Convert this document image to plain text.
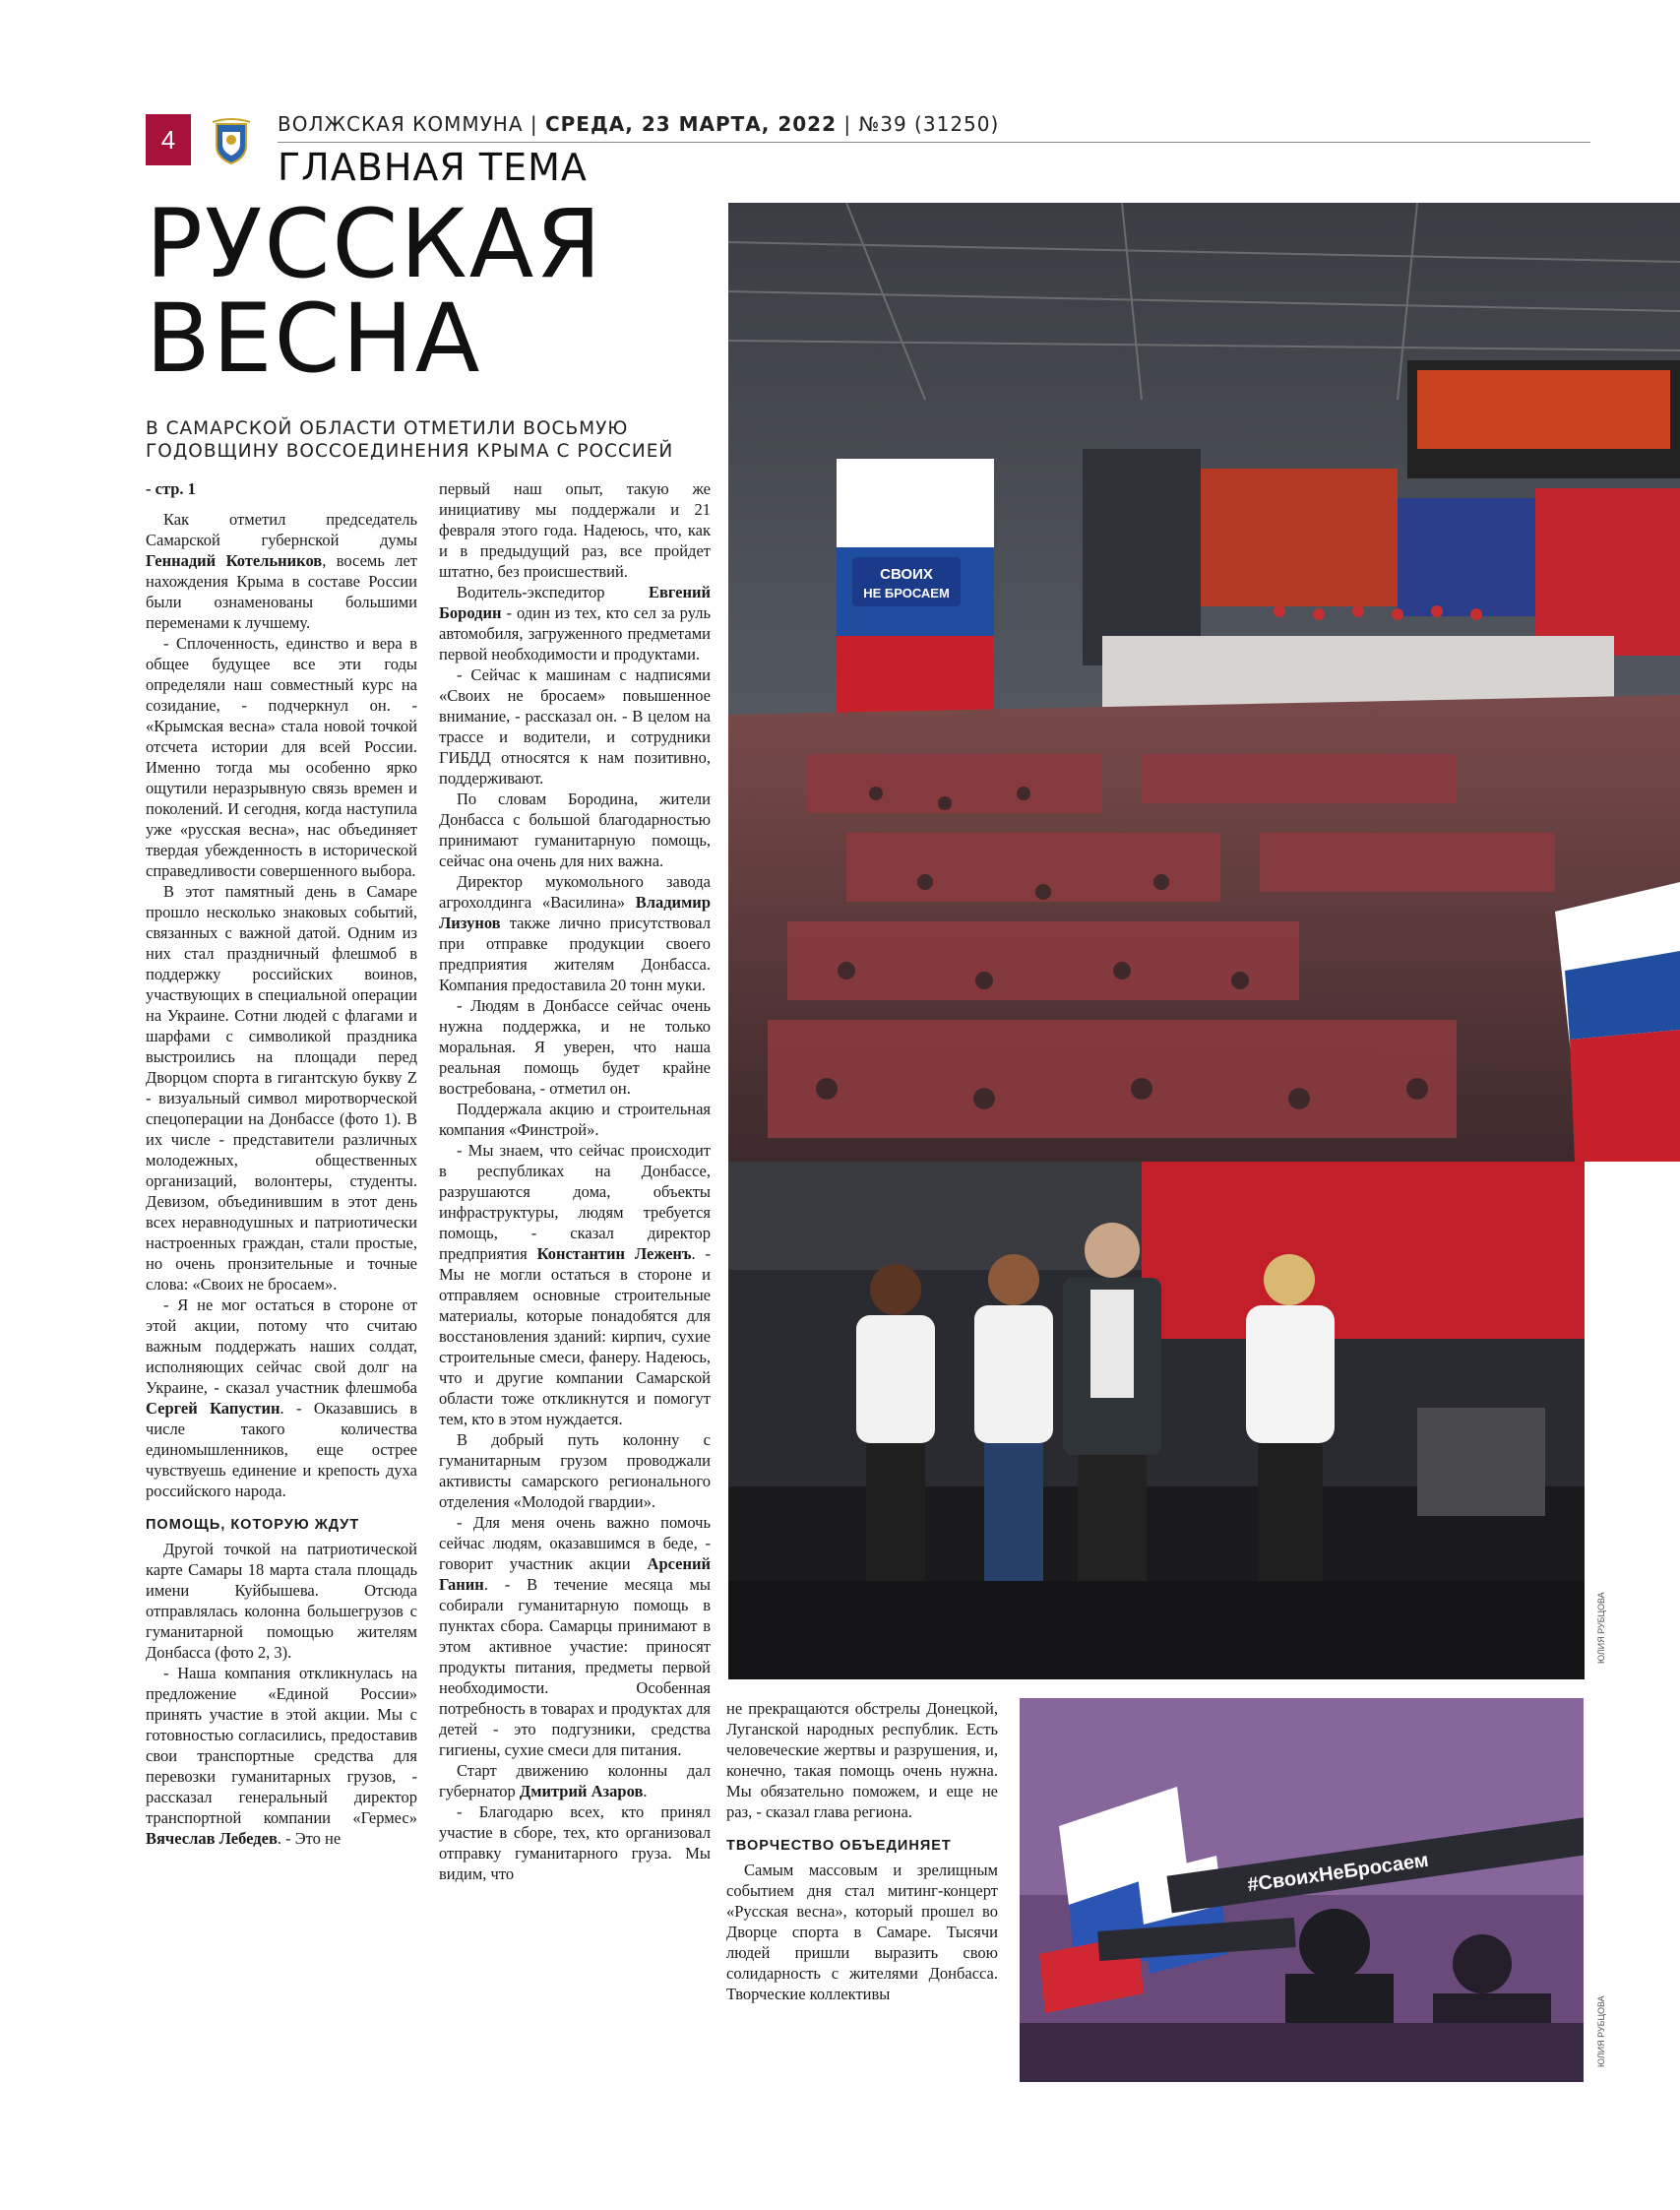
4
ВОЛЖСКАЯ КОММУНА | СРЕДА, 23 МАРТА, 2022 | №39 (31250)
ГЛАВНАЯ ТЕМА
РУССКАЯ
ВЕСНА
В САМАРСКОЙ ОБЛАСТИ ОТМЕТИЛИ ВОСЬМУЮ ГОДОВЩИНУ ВОССОЕДИНЕНИЯ КРЫМА С РОССИЕЙ

- стр. 1

Как отметил председатель Самарской губернской думы Геннадий Котельников, восемь лет нахождения Крыма в составе России были ознаменованы большими переменами к лучшему.

- Сплоченность, единство и вера в общее будущее все эти годы определяли наш совместный курс на созидание, - подчеркнул он. - «Крымская весна» стала новой точкой отсчета истории для всей России. Именно тогда мы особенно ярко ощутили неразрывную связь времен и поколений. И сегодня, когда наступила уже «русская весна», нас объединяет твердая убежденность в исторической справедливости совершенного выбора.

В этот памятный день в Самаре прошло несколько знаковых событий, связанных с важной датой. Одним из них стал праздничный флешмоб в поддержку российских воинов, участвующих в специальной операции на Украине. Сотни людей с флагами и шарфами с символикой праздника выстроились на площади перед Дворцом спорта в гигантскую букву Z - визуальный символ миротворческой спецоперации на Донбассе (фото 1). В их числе - представители различных молодежных, общественных организаций, волонтеры, студенты. Девизом, объединившим в этот день всех неравнодушных и патриотически настроенных граждан, стали простые, но очень пронзительные и точные слова: «Своих не бросаем».

- Я не мог остаться в стороне от этой акции, потому что считаю важным поддержать наших солдат, исполняющих сейчас свой долг на Украине, - сказал участник флешмоба Сергей Капустин. - Оказавшись в числе такого количества единомышленников, еще острее чувствуешь единение и крепость духа российского народа.

ПОМОЩЬ, КОТОРУЮ ЖДУТ

Другой точкой на патриотической карте Самары 18 марта стала площадь имени Куйбышева. Отсюда отправлялась колонна большегрузов с гуманитарной помощью жителям Донбасса (фото 2, 3).

- Наша компания откликнулась на предложение «Единой России» принять участие в этой акции. Мы с готовностью согласились, предоставив свои транспортные средства для перевозки гуманитарных грузов, - рассказал генеральный директор транспортной компании «Гермес» Вячеслав Лебедев. - Это не

первый наш опыт, такую же инициативу мы поддержали и 21 февраля этого года. Надеюсь, что, как и в предыдущий раз, все пройдет штатно, без происшествий.

Водитель-экспедитор Евгений Бородин - один из тех, кто сел за руль автомобиля, загруженного предметами первой необходимости и продуктами.

- Сейчас к машинам с надписями «Своих не бросаем» повышенное внимание, - рассказал он. - В целом на трассе и водители, и сотрудники ГИБДД относятся к нам позитивно, поддерживают.

По словам Бородина, жители Донбасса с большой благодарностью принимают гуманитарную помощь, сейчас она очень для них важна.

Директор мукомольного завода агрохолдинга «Василина» Владимир Лизунов также лично присутствовал при отправке продукции своего предприятия жителям Донбасса. Компания предоставила 20 тонн муки.

- Людям в Донбассе сейчас очень нужна поддержка, и не только моральная. Я уверен, что наша реальная помощь будет крайне востребована, - отметил он.

Поддержала акцию и строительная компания «Финстрой».

- Мы знаем, что сейчас происходит в республиках на Донбассе, разрушаются дома, объекты инфраструктуры, людям требуется помощь, - сказал директор предприятия Константин Леженъ. - Мы не могли остаться в стороне и отправляем основные строительные материалы, которые понадобятся для восстановления зданий: кирпич, сухие строительные смеси, фанеру. Надеюсь, что и другие компании Самарской области тоже откликнутся и помогут тем, кто в этом нуждается.

В добрый путь колонну с гуманитарным грузом проводжали активисты самарского регионального отделения «Молодой гвардии».

- Для меня очень важно помочь сейчас людям, оказавшимся в беде, - говорит участник акции Арсений Ганин. - В течение месяца мы собирали гуманитарную помощь в пунктах сбора. Самарцы принимают в этом активное участие: приносят продукты питания, предметы первой необходимости. Особенная потребность в товарах и продуктах для детей - это подгузники, средства гигиены, сухие смеси для питания.

Старт движению колонны дал губернатор Дмитрий Азаров.

- Благодарю всех, кто принял участие в сборе, тех, кто организовал отправку гуманитарного груза. Мы видим, что

не прекращаются обстрелы Донецкой, Луганской народных республик. Есть человеческие жертвы и разрушения, и, конечно, такая помощь очень нужна. Мы обязательно поможем, и еще не раз, - сказал глава региона.

ТВОРЧЕСТВО ОБЪЕДИНЯЕТ

Самым массовым и зрелищным событием дня стал митинг-концерт «Русская весна», который прошел во Дворце спорта в Самаре. Тысячи людей пришли выразить свою солидарность с жителями Донбасса. Творческие коллективы

СВОИХ
НЕ БРОСАЕМ
ЮЛИЯ РУБЦОВА
#СвоихНеБросаем
ЮЛИЯ РУБЦОВА
